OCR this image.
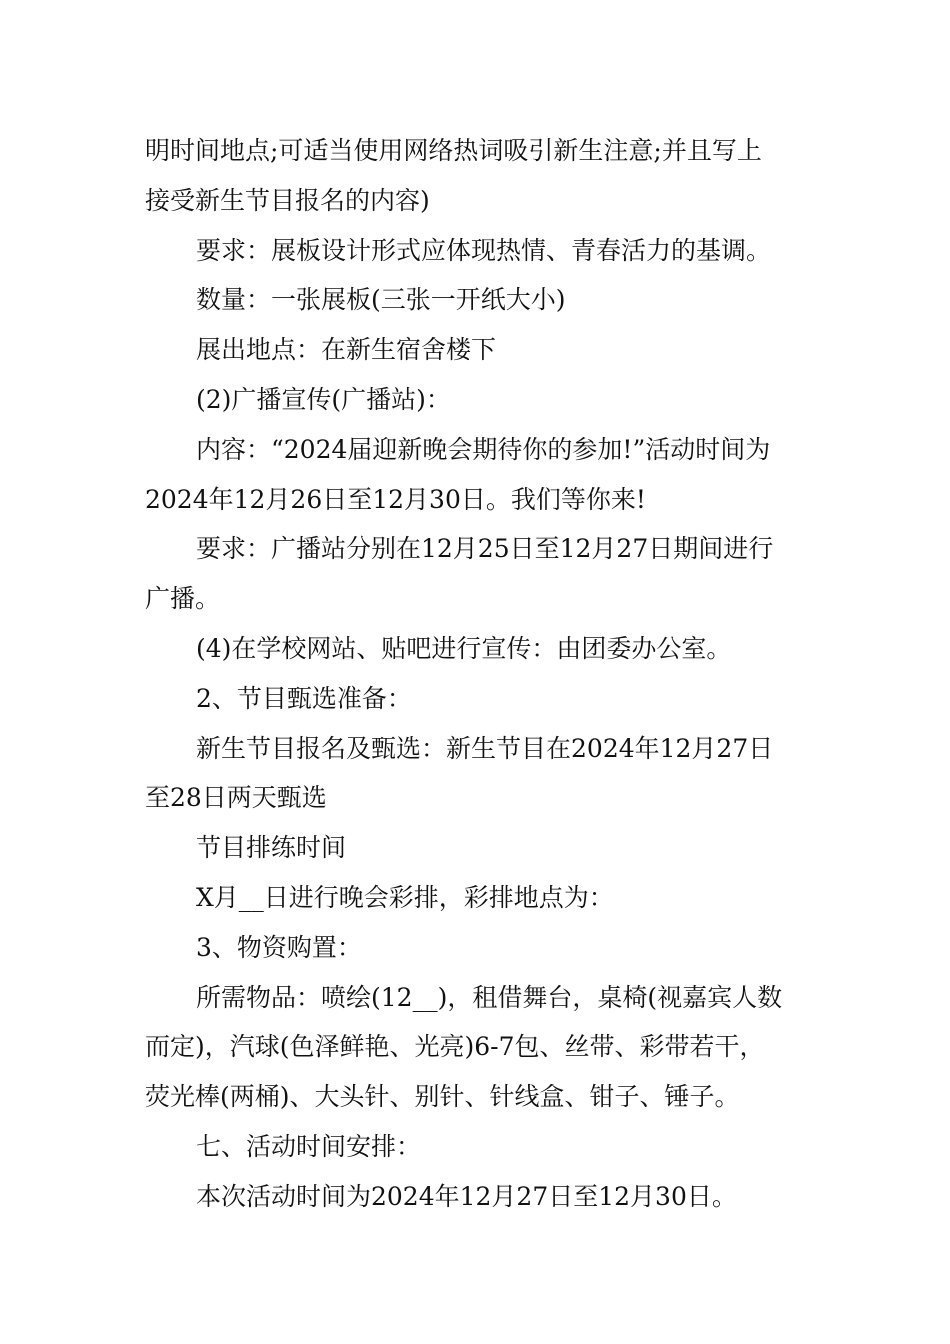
明时间地点;可适当使用网络热词吸引新生注意;并且写上
接受新生节目报名的内容)
要求：展板设计形式应体现热情、青春活力的基调。
数量：一张展板(三张一开纸大小)
展出地点：在新生宿舍楼下
(2)广播宣传(广播站)：
内容：“2024届迎新晚会期待你的参加!”活动时间为
2024年12月26日至12月30日。我们等你来!
要求：广播站分别在12月25日至12月27日期间进行
广播。
(4)在学校网站、贴吧进行宣传：由团委办公室。
2、节目甄选准备：
新生节目报名及甄选：新生节目在2024年12月27日
至28日两天甄选
节目排练时间
X月__日进行晚会彩排，彩排地点为：
3、物资购置：
所需物品：喷绘(12__)，租借舞台，桌椅(视嘉宾人数
而定)，汽球(色泽鲜艳、光亮)6-7包、丝带、彩带若干，
荧光棒(两桶)、大头针、别针、针线盒、钳子、锤子。
七、活动时间安排：
本次活动时间为2024年12月27日至12月30日。
